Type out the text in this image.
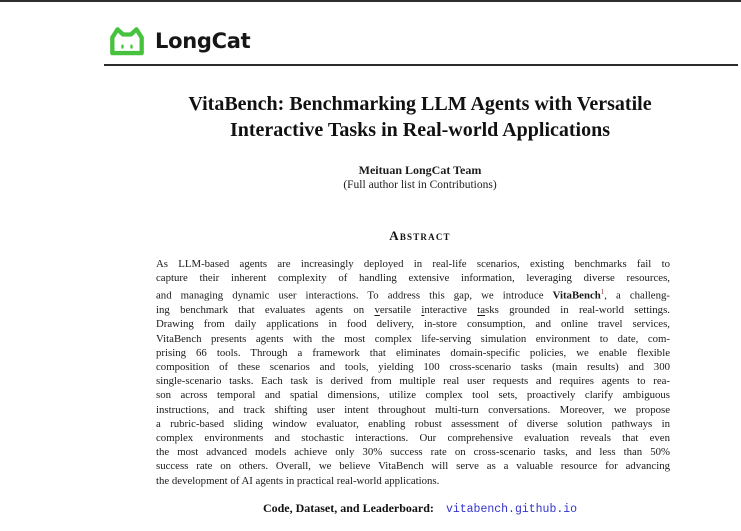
LongCat
VitaBench: Benchmarking LLM Agents with Versatile
Interactive Tasks in Real-world Applications
Meituan LongCat Team
(Full author list in Contributions)
Abstract
As LLM-based agents are increasingly deployed in real-life scenarios, existing benchmarks fail to
capture their inherent complexity of handling extensive information, leveraging diverse resources,
and managing dynamic user interactions. To address this gap, we introduce VitaBench$^1$, a challeng-
ing benchmark that evaluates agents on versatile interactive tasks grounded in real-world settings.
Drawing from daily applications in food delivery, in-store consumption, and online travel services,
VitaBench presents agents with the most complex life-serving simulation environment to date, com-
prising 66 tools. Through a framework that eliminates domain-specific policies, we enable flexible
composition of these scenarios and tools, yielding 100 cross-scenario tasks (main results) and 300
single-scenario tasks. Each task is derived from multiple real user requests and requires agents to rea-
son across temporal and spatial dimensions, utilize complex tool sets, proactively clarify ambiguous
instructions, and track shifting user intent throughout multi-turn conversations. Moreover, we propose
a rubric-based sliding window evaluator, enabling robust assessment of diverse solution pathways in
complex environments and stochastic interactions. Our comprehensive evaluation reveals that even
the most advanced models achieve only 30% success rate on cross-scenario tasks, and less than 50%
success rate on others. Overall, we believe VitaBench will serve as a valuable resource for advancing
the development of AI agents in practical real-world applications.
Code, Dataset, and Leaderboard: vitabench.github.io
